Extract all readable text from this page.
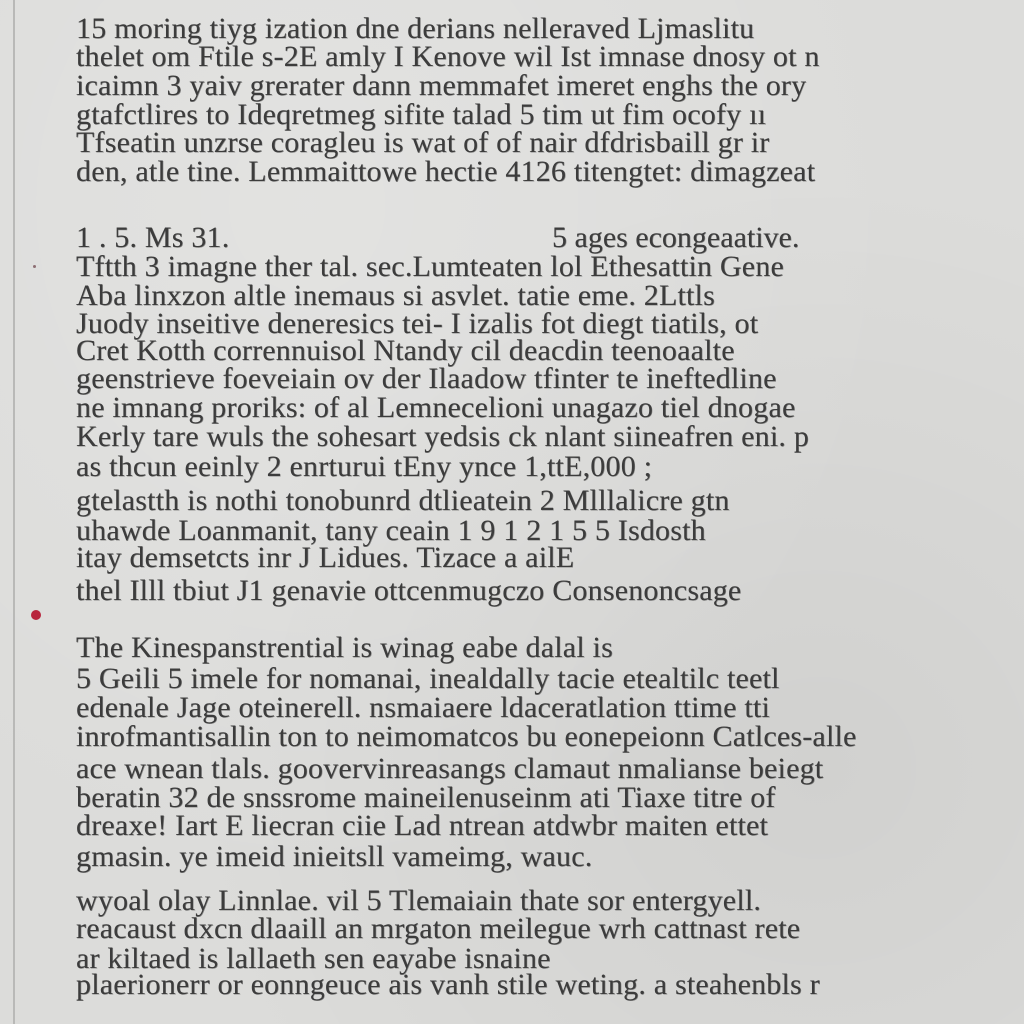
15 moring tiyg ization dne derians nelleraved Ljmaslitu
thelet om Ftile s-2E amly I Kenove wil Ist imnase dnosy ot n
icaimn 3 yaiv grerater dann memmafet imeret enghs the ory
gtafctlires to Ideqretmeg sifite talad 5 tim ut fim ocofy ıı
Tfseatin unzrse coragleu is wat of of nair dfdrisbaill gr ir
den, atle tine. Lemmaittowe hectie 4126 titengtet: dimagzeat
1 . 5. Ms 31.	5 ages econgeaative.
Tftth 3 imagne ther tal. sec.Lumteaten lol Ethesattin Gene
Aba linxzon altle inemaus si asvlet. tatie eme. 2Lttls
Juody inseitive deneresics tei- I izalis fot diegt tiatils, ot
Cret Kotth corrennuisol Ntandy cil deacdin teenoaalte
geenstrieve foeveiain ov der Ilaadow tfinter te ineftedline
ne imnang proriks: of al Lemnecelioni unagazo tiel dnogae
Kerly tare wuls the sohesart yedsis ck nlant siineafren eni. p
as thcun eeinly 2 enrturui tEny ynce 1,ttE,000 ;
gtelastth is nothi tonobunrd dtlieatein 2 Mlllalicre gtn
uhawde Loanmanit, tany ceain 1 9 1 2 1 5 5 Isdosth
itay demsetcts inr J Lidues. Tizace a ailE
thel Illl tbiut J1 genavie ottcenmugczo Consenoncsage
The Kinespanstrential is winag eabe dalal is
5 Geili 5 imele for nomanai, inealdally tacie etealtilc teetl
edenale Jage oteinerell. nsmaiaere ldaceratlation ttime tti
inrofmantisallin ton to neimomatcos bu eonepeionn Catlces-alle
ace wnean tlals. goovervinreasangs clamaut nmalianse beiegt
beratin 32 de snssrome maineilenuseinm ati Tiaxe titre of
dreaxe! Iart E liecran ciie Lad ntrean atdwbr maiten ettet
gmasin. ye imeid inieitsll vameimg, wauc.
wyoal olay Linnlae. vil 5 Tlemaiain thate sor entergyell.
reacaust dxcn dlaaill an mrgaton meilegue wrh cattnast rete
ar kiltaed is lallaeth sen eayabe isnaine
plaerionerr or eonngeuce ais vanh stile weting. a steahenbls r
